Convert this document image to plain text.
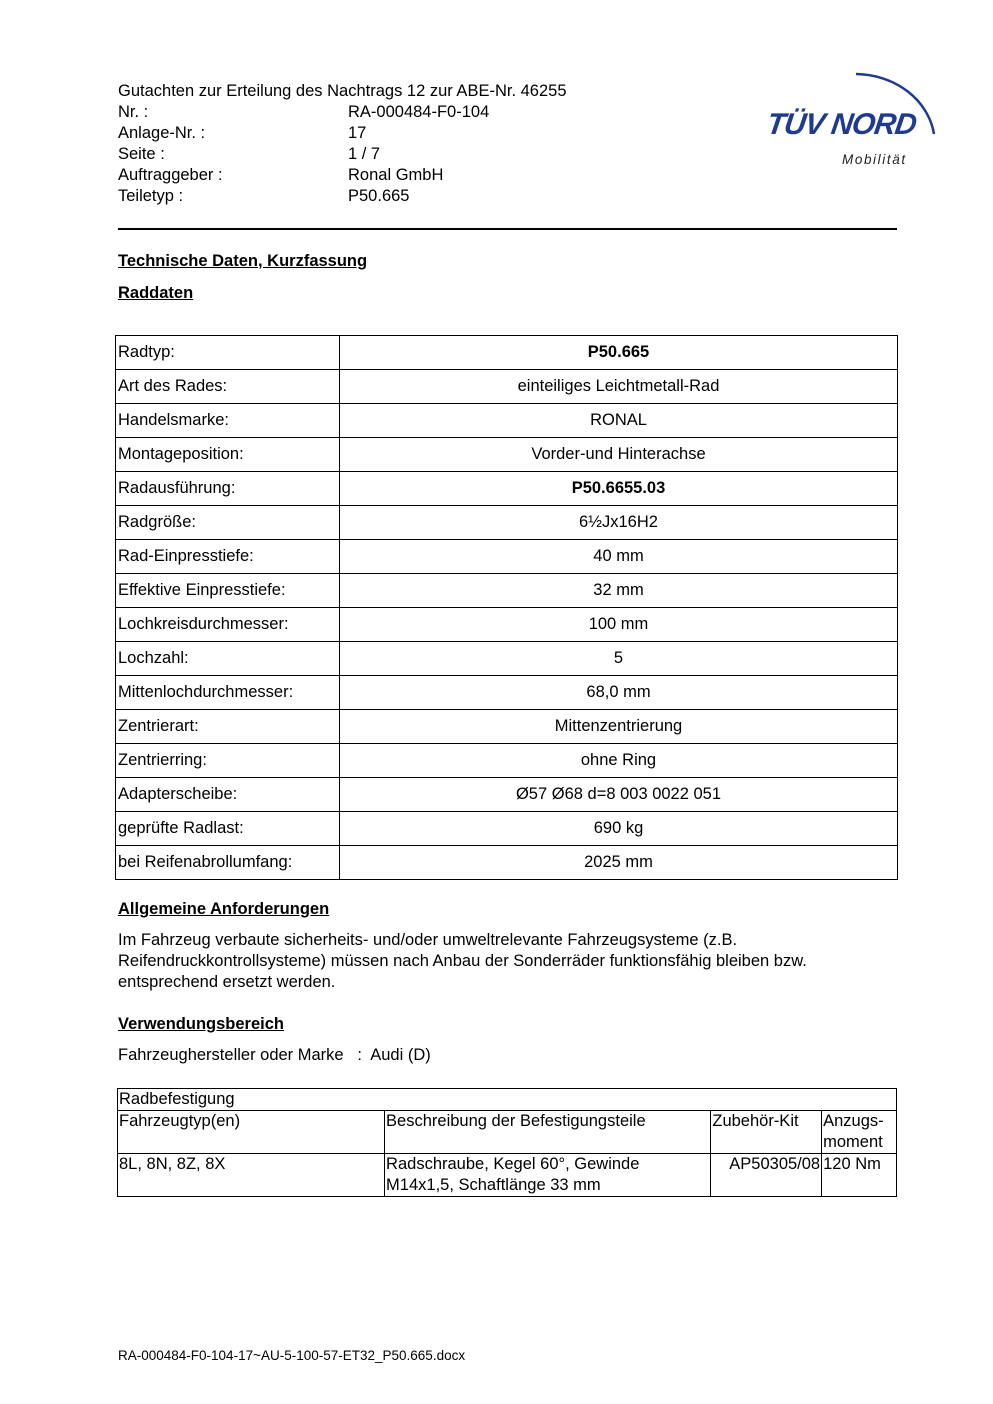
Gutachten zur Erteilung des Nachtrags 12 zur ABE-Nr. 46255
Nr. :	RA-000484-F0-104
Anlage-Nr. :	17
Seite :	1 / 7
Auftraggeber :	Ronal GmbH
Teiletyp :	P50.665
TÜV NORD
Mobilität
Technische Daten, Kurzfassung
Raddaten
Radtyp:	P50.665
Art des Rades:	einteiliges Leichtmetall-Rad
Handelsmarke:	RONAL
Montageposition:	Vorder-und Hinterachse
Radausführung:	P50.6655.03
Radgröße:	6½Jx16H2
Rad-Einpresstiefe:	40 mm
Effektive Einpresstiefe:	32 mm
Lochkreisdurchmesser:	100 mm
Lochzahl:	5
Mittenlochdurchmesser:	68,0 mm
Zentrierart:	Mittenzentrierung
Zentrierring:	ohne Ring
Adapterscheibe:	Ø57 Ø68 d=8 003 0022 051
geprüfte Radlast:	690 kg
bei Reifenabrollumfang:	2025 mm
Allgemeine Anforderungen
Im Fahrzeug verbaute sicherheits- und/oder umweltrelevante Fahrzeugsysteme (z.B. Reifendruckkontrollsysteme) müssen nach Anbau der Sonderräder funktionsfähig bleiben bzw. entsprechend ersetzt werden.
Verwendungsbereich
Fahrzeughersteller oder Marke : Audi (D)
Radbefestigung			
Fahrzeugtyp(en)	Beschreibung der Befestigungsteile	Zubehör-Kit	Anzugs-
moment
8L, 8N, 8Z, 8X	Radschraube, Kegel 60°, Gewinde M14x1,5, Schaftlänge 33 mm	AP50305/08	120 Nm
RA-000484-F0-104-17~AU-5-100-57-ET32_P50.665.docx
